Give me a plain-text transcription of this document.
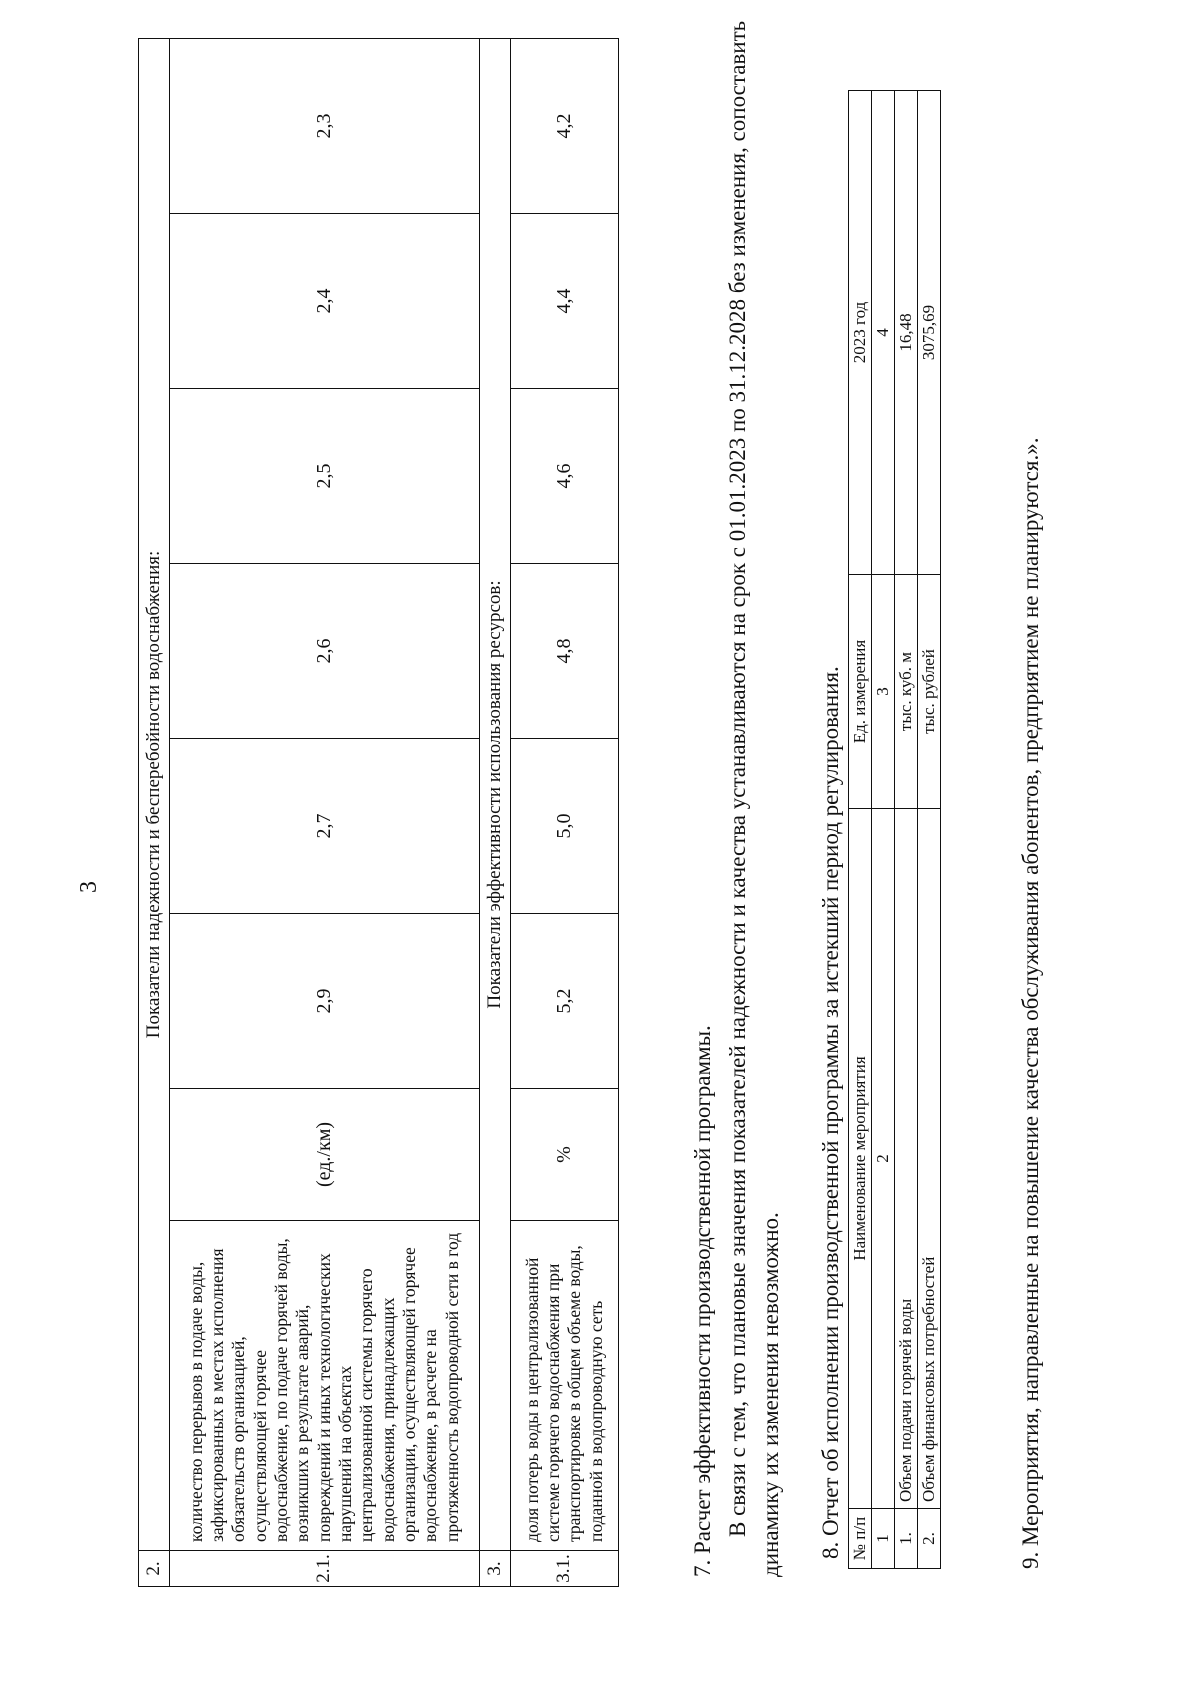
3
2.	Показатели надежности и бесперебойности водоснабжения:							
2.1.	количество перерывов в подаче воды, зафиксированных в местах исполнения обязательств организацией, осуществляющей горячее водоснабжение, по подаче горячей воды, возникших в результате аварий, повреждений и иных технологических нарушений на объектах централизованной системы горячего водоснабжения, принадлежащих организации, осуществляющей горячее водоснабжение, в расчете на протяженность водопроводной сети в год	(ед./км)	2,9	2,7	2,6	2,5	2,4	2,3
3.	Показатели эффективности использования ресурсов:							
3.1.	доля потерь воды в централизованной системе горячего водоснабжения при транспортировке в общем объеме воды, поданной в водопроводную сеть	%	5,2	5,0	4,8	4,6	4,4	4,2
7. Расчет эффективности производственной программы. В связи с тем, что плановые значения показателей надежности и качества устанавливаются на срок с 01.01.2023 по 31.12.2028 без изменения, сопоставить динамику их изменения невозможно. 8. Отчет об исполнении производственной программы за истекший период регулирования. № п/п	Наименование мероприятия	Ед. измерения	2023 год
1	2	3	4
1.	Объем подачи горячей воды	тыс. куб. м	16,48
2.	Объем финансовых потребностей	тыс. рублей	3075,69
9. Мероприятия, направленные на повышение качества обслуживания абонентов, предприятием не планируются.».
